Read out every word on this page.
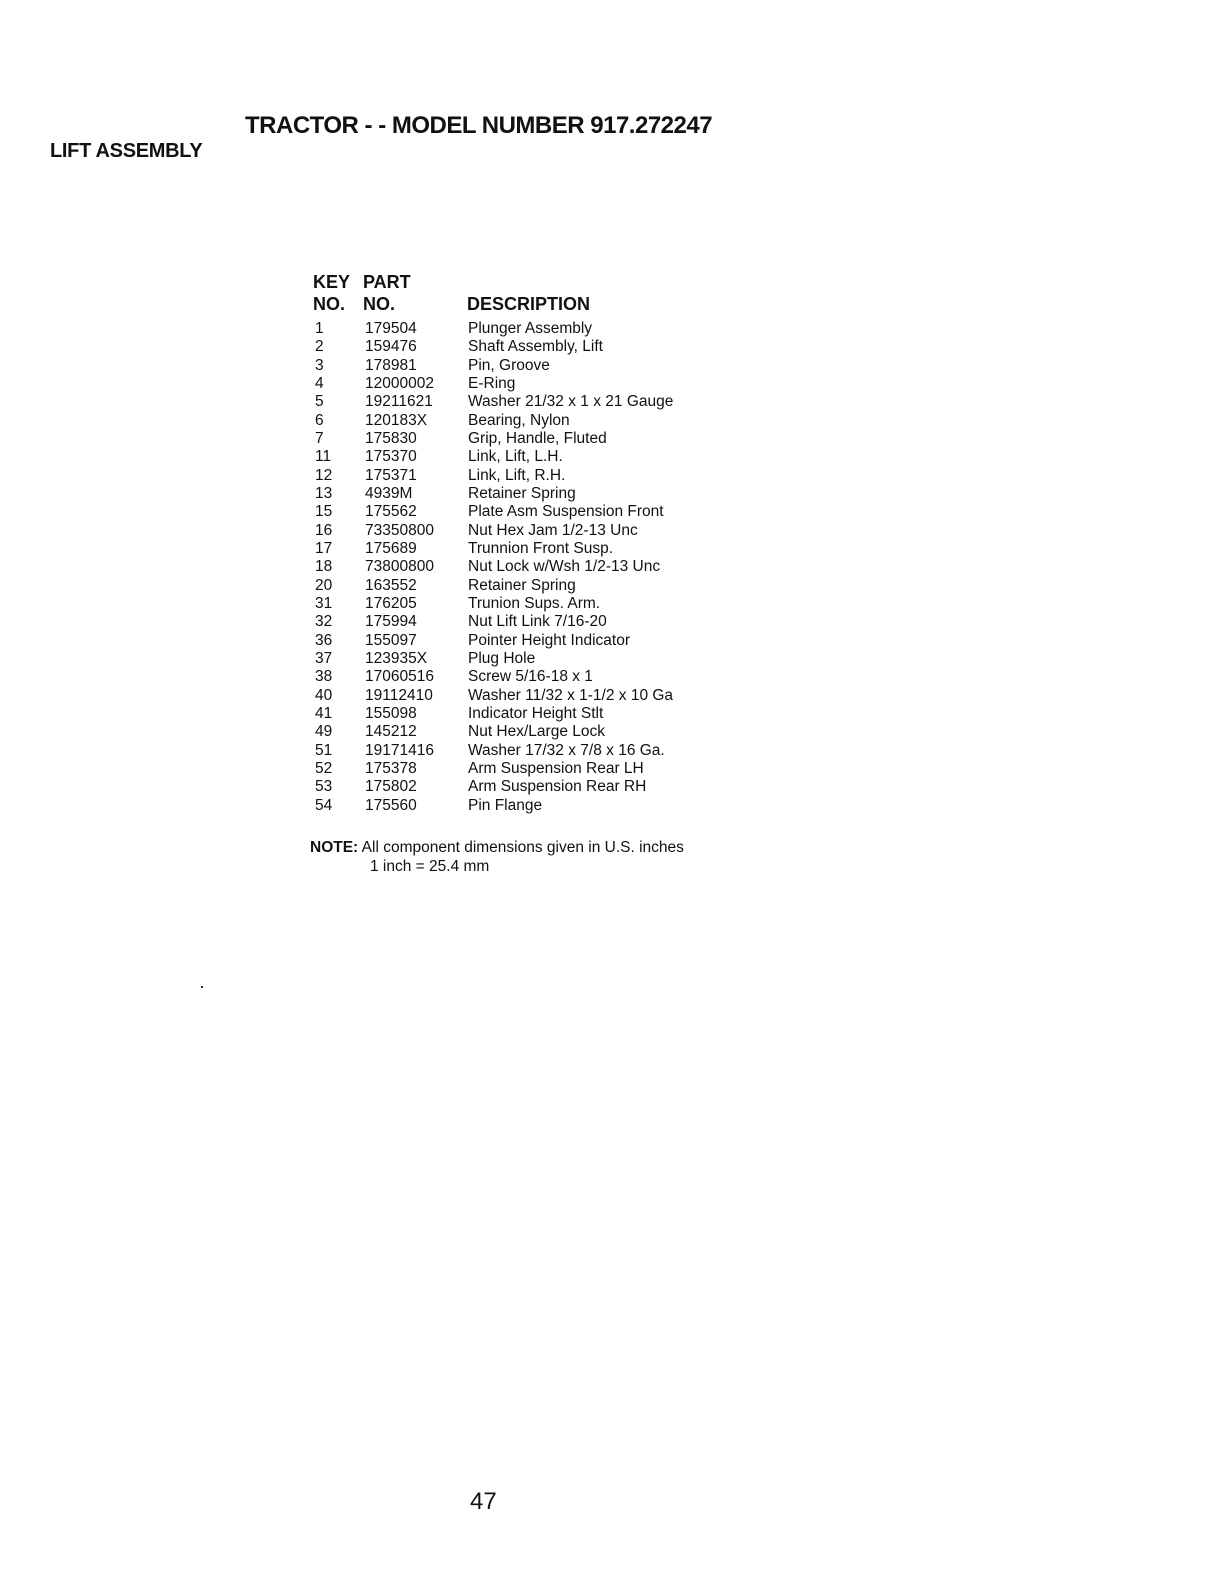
TRACTOR - - MODEL NUMBER 917.272247
LIFT ASSEMBLY
KEY PART
NO. NO.	DESCRIPTION
1	179504	Plunger Assembly
2	159476	Shaft Assembly, Lift
3	178981	Pin, Groove
4	12000002 E-Ring
5	19211621 Washer 21/32 x 1 x 21 Gauge
6	120183X	Bearing, Nylon
7	175830	Grip, Handle, Fluted
11 175370	Link, Lift, L.H.
12 175371	Link, Lift, R.H.
13 4939M	Retainer Spring
15 175562	Plate Asm Suspension Front
16 73350800 Nut Hex Jam 1/2-13 Unc
17 175689	Trunnion Front Susp.
18 73800800 Nut Lock w/Wsh 1/2-13 Unc
20 163552	Retainer Spring
31 176205	Trunion Sups. Arm.
32 175994	Nut Lift Link 7/16-20
36 155097	Pointer Height Indicator
37 123935X	Plug Hole
38 17060516 Screw 5/16-18 x 1
40 19112410 Washer 11/32 x 1-1/2 x 10 Ga
41 155098	Indicator Height Stlt
49 145212	Nut Hex/Large Lock
51 19171416 Washer 17/32 x 7/8 x 16 Ga.
52 175378	Arm Suspension Rear LH
53 175802	Arm Suspension Rear RH
54 175560	Pin Flange
NOTE: All component dimensions given in U.S. inches
1 inch = 25.4 mm
47
